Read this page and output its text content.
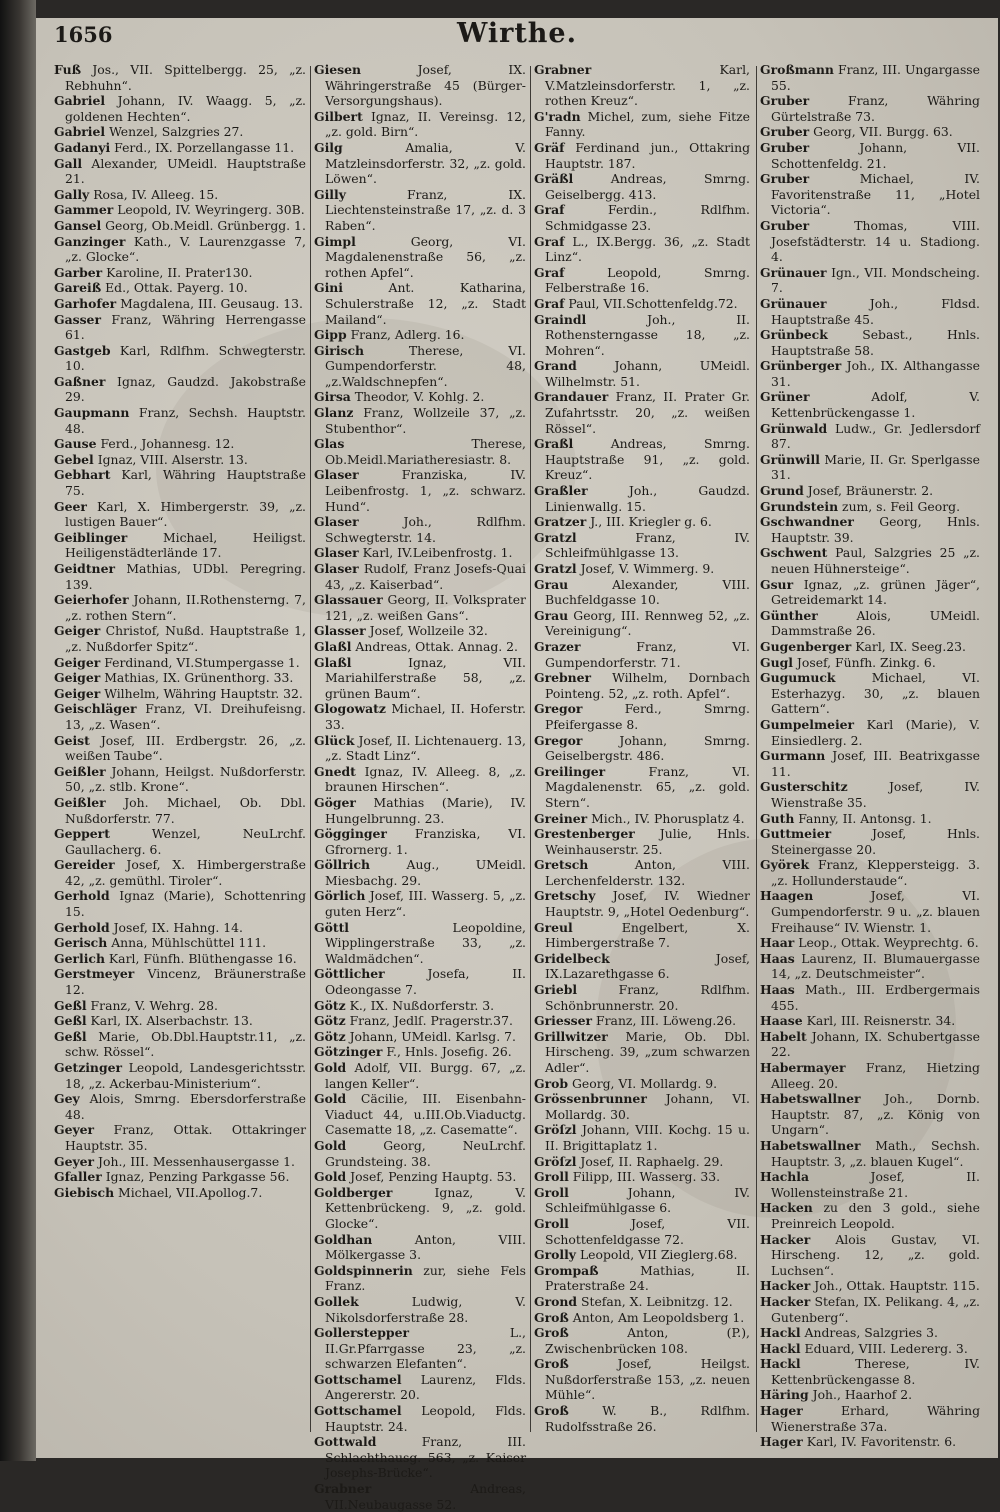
1656	Wirthe.
Fuß Jos., VII. Spittelbergg. 25, „z. Rebhuhn“.
Gabriel Johann, IV. Waagg. 5, „z. goldenen Hechten“.
Gabriel Wenzel, Salzgries 27.
Gadanyi Ferd., IX. Porzellangasse 11.
Gall Alexander, UMeidl. Hauptstraße 21.
Gally Rosa, IV. Alleeg. 15.
Gammer Leopold, IV. Weyringerg. 30B.
Gansel Georg, Ob.Meidl. Grünbergg. 1.
Ganzinger Kath., V. Laurenzgasse 7, „z. Glocke“.
Garber Karoline, II. Prater130.
Gareiß Ed., Ottak. Payerg. 10.
Garhofer Magdalena, III. Geusaug. 13.
Gasser Franz, Währing Herrengasse 61.
Gastgeb Karl, Rdlfhm. Schwegterstr. 10.
Gaßner Ignaz, Gaudzd. Jakobstraße 29.
Gaupmann Franz, Sechsh. Hauptstr. 48.
Gause Ferd., Johannesg. 12.
Gebel Ignaz, VIII. Alserstr. 13.
Gebhart Karl, Währing Hauptstraße 75.
Geer Karl, X. Himbergerstr. 39, „z. lustigen Bauer“.
Geiblinger	Michael, Heiligst. Heiligenstädterlände 17.
Geidtner Mathias, UDbl. Peregring. 139.
Geierhofer Johann, II.Rothensterng. 7, „z. rothen Stern“.
Geiger Christof, Nußd. Hauptstraße 1, „z. Nußdorfer Spitz“.
Geiger Ferdinand, VI.Stumpergasse 1.
Geiger Mathias, IX. Grünenthorg. 33.
Geiger Wilhelm, Währing Hauptstr. 32.
Geischläger Franz, VI. Dreihufeisng. 13, „z. Wasen“.
Geist Josef, III. Erdbergstr. 26, „z. weißen Taube“.
Geißler Johann, Heilgst. Nußdorferstr. 50, „z. stlb. Krone“.
Geißler Joh. Michael, Ob. Dbl. Nußdorferstr. 77.
Geppert	Wenzel, NeuLrchf. Gaullacherg. 6.
Gereider Josef, X. Himbergerstraße 42, „z. gemüthl. Tiroler“.
Gerhold Ignaz (Marie), Schottenring 15.
Gerhold Josef, IX. Hahng. 14.
Gerisch Anna, Mühlschüttel 111.
Gerlich Karl, Fünfh. Blüthengasse 16.
Gerstmeyer Vincenz, Bräunerstraße 12.
Geßl Franz, V. Wehrg. 28.
Geßl Karl, IX. Alserbachstr. 13.
Geßl Marie, Ob.Dbl.Hauptstr.11, „z. schw. Rössel“.
Getzinger Leopold, Landesgerichtsstr. 18, „z. Ackerbau-Ministerium“.
Gey Alois, Smrng. Ebersdorferstraße 48.
Geyer Franz, Ottak. Ottakringer Hauptstr. 35.
Geyer Joh., III. Messenhausergasse 1.
Gfaller Ignaz, Penzing Parkgasse 56.
Giebisch Michael, VII.Apollog.7.
Giesen	Josef, IX. Währingerstraße 45 (Bürger-Versorgungshaus).
Gilbert Ignaz, II. Vereinsg. 12, „z. gold. Birn“.
Gilg	Amalia, V. Matzleinsdorferstr. 32, „z. gold. Löwen“.
Gilly	Franz, IX. Liechtensteinstraße 17, „z. d. 3 Raben“.
Gimpl	Georg, VI. Magdalenenstraße 56, „z. rothen Apfel“.
Gini	Ant. Katharina, Schulerstraße 12, „z. Stadt Mailand“.
Gipp Franz, Adlerg. 16.
Girisch	Therese, VI. Gumpendorferstr. 48, „z.Waldschnepfen“.
Girsa Theodor, V. Kohlg. 2.
Glanz Franz, Wollzeile 37, „z. Stubenthor“.
Glas	Therese, Ob.Meidl.Mariatheresiastr. 8.
Glaser	Franziska, IV. Leibenfrostg. 1, „z. schwarz. Hund“.
Glaser	Joh., Rdlfhm. Schwegterstr. 14.
Glaser Karl, IV.Leibenfrostg. 1.
Glaser Rudolf, Franz Josefs-Quai 43, „z. Kaiserbad“.
Glassauer Georg, II. Volksprater 121, „z. weißen Gans“.
Glasser Josef, Wollzeile 32.
Glaßl Andreas, Ottak. Annag. 2.
Glaßl	Ignaz, VII. Mariahilferstraße 58, „z. grünen Baum“.
Glogowatz Michael, II. Hoferstr. 33.
Glück Josef, II. Lichtenauerg. 13, „z. Stadt Linz“.
Gnedt Ignaz, IV. Alleeg. 8, „z. braunen Hirschen“.
Göger Mathias (Marie), IV. Hungelbrunng. 23.
Gögginger Franziska, VI. Gfrornerg. 1.
Göllrich	Aug., UMeidl. Miesbachg. 29.
Görlich Josef, III. Wasserg. 5, „z. guten Herz“.
Göttl	Leopoldine, Wipplingerstraße 33, „z. Waldmädchen“.
Göttlicher	Josefa, II. Odeongasse 7.
Götz K., IX. Nußdorferstr. 3.
Götz Franz, Jedlſ. Pragerstr.37.
Götz Johann, UMeidl. Karlsg. 7.
Götzinger F., Hnls. Josefig. 26.
Gold Adolf, VII. Burgg. 67, „z. langen Keller“.
Gold Cäcilie, III. Eisenbahn-Viaduct 44, u.III.Ob.Viaductg. Casematte 18, „z. Casematte“.
Gold	Georg, NeuLrchf. Grundsteing. 38.
Gold Josef, Penzing Hauptg. 53.
Goldberger	Ignaz, V. Kettenbrückeng. 9, „z. gold. Glocke“.
Goldhan	Anton, VIII. Mölkergasse 3.
Goldspinnerin zur, siehe Fels Franz.
Gollek	Ludwig, V. Nikolsdorferstraße 28.
Gollerstepper	L., II.Gr.Pfarrgasse 23, „z. schwarzen Elefanten“.
Gottschamel Laurenz, Flds. Angererstr. 20.
Gottschamel Leopold, Flds. Hauptstr. 24.
Gottwald	Franz, III. Schlachthausg. 563, „z. Kaiser Josephs-Brücke“.
Grabner	Andreas, VII.Neubaugasse 52.
Grabner	Karl, V.Matzleinsdorferstr. 1, „z. rothen Kreuz“.
G'radn Michel, zum, siehe Fitze Fanny.
Gräf Ferdinand jun., Ottakring Hauptstr. 187.
Gräßl	Andreas, Smrng. Geiselbergg. 413.
Graf	Ferdin., Rdlfhm. Schmidgasse 23.
Graf L., IX.Bergg. 36, „z. Stadt Linz“.
Graf	Leopold, Smrng. Felberstraße 16.
Graf Paul, VII.Schottenfeldg.72.
Graindl	Joh., II. Rothensterngasse 18, „z. Mohren“.
Grand	Johann, UMeidl. Wilhelmstr. 51.
Grandauer Franz, II. Prater Gr. Zufahrtsstr. 20, „z. weißen Rössel“.
Graßl	Andreas, Smrng. Hauptstraße 91, „z. gold. Kreuz“.
Graßler	Joh., Gaudzd. Linienwallg. 15.
Gratzer J., III. Kriegler g. 6.
Gratzl	Franz, IV. Schleifmühlgasse 13.
Gratzl Josef, V. Wimmerg. 9.
Grau	Alexander, VIII. Buchfeldgasse 10.
Grau Georg, III. Rennweg 52, „z. Vereinigung“.
Grazer	Franz, VI. Gumpendorferstr. 71.
Grebner Wilhelm, Dornbach Pointeng. 52, „z. roth. Apfel“.
Gregor	Ferd., Smrng. Pfeifergasse 8.
Gregor	Johann, Smrng. Geiselbergstr. 486.
Greilinger	Franz, VI. Magdalenenstr. 65, „z. gold. Stern“.
Greiner Mich., IV. Phorusplatz 4.
Grestenberger Julie, Hnls. Weinhauserstr. 25.
Gretsch	Anton, VIII. Lerchenfelderstr. 132.
Gretschy Josef, IV. Wiedner Hauptstr. 9, „Hotel Oedenburg“.
Greul	Engelbert, X. Himbergerstraße 7.
Gridelbeck	Josef, IX.Lazarethgasse 6.
Griebl	Franz, Rdlfhm. Schönbrunnerstr. 20.
Griesser Franz, III. Löweng.26.
Grillwitzer Marie, Ob. Dbl. Hirscheng. 39, „zum schwarzen Adler“.
Grob Georg, VI. Mollardg. 9.
Grössenbrunner Johann, VI. Mollardg. 30.
Gröſzl Johann, VIII. Kochg. 15 u. II. Brigittaplatz 1.
Gröſzl Josef, II. Raphaelg. 29.
Groll Filipp, III. Wasserg. 33.
Groll	Johann, IV. Schleifmühlgasse 6.
Groll	Josef, VII. Schottenfeldgasse 72.
Grolly Leopold, VII Zieglerg.68.
Grompaß	Mathias, II. Praterstraße 24.
Grond Stefan, X. Leibnitzg. 12.
Groß Anton, Am Leopoldsberg 1.
Groß	Anton, (P.), Zwischenbrücken 108.
Groß	Josef, Heilgst. Nußdorferstraße 153, „z. neuen Mühle“.
Groß	W. B., Rdlfhm. Rudolfsstraße 26.
Großmann Franz, III. Ungargasse 55.
Gruber	Franz, Währing Gürtelstraße 73.
Gruber Georg, VII. Burgg. 63.
Gruber	Johann, VII. Schottenfeldg. 21.
Gruber	Michael, IV. Favoritenstraße 11, „Hotel Victoria“.
Gruber	Thomas, VIII. Josefstädterstr. 14 u. Stadiong. 4.
Grünauer Ign., VII. Mondscheing. 7.
Grünauer	Joh., Fldsd. Hauptstraße 45.
Grünbeck	Sebast., Hnls. Hauptstraße 58.
Grünberger Joh., IX. Althangasse 31.
Grüner	Adolf, V. Kettenbrückengasse 1.
Grünwald Ludw., Gr. Jedlersdorf 87.
Grünwill Marie, II. Gr. Sperlgasse 31.
Grund Josef, Bräunerstr. 2.
Grundstein zum, s. Feil Georg.
Gschwandner Georg, Hnls. Hauptstr. 39.
Gschwent Paul, Salzgries 25 „z. neuen Hühnersteige“.
Gsur Ignaz, „z. grünen Jäger“, Getreidemarkt 14.
Günther	Alois, UMeidl. Dammstraße 26.
Gugenberger Karl, IX. Seeg.23.
Gugl Josef, Fünfh. Zinkg. 6.
Gugumuck	Michael, VI. Esterhazyg. 30, „z. blauen Gattern“.
Gumpelmeier Karl (Marie), V. Einsiedlerg. 2.
Gurmann Josef, III. Beatrixgasse 11.
Gusterschitz	Josef, IV. Wienstraße 35.
Guth Fanny, II. Antonsg. 1.
Guttmeier	Josef, Hnls. Steinergasse 20.
Györek Franz, Kleppersteigg. 3. „z. Hollunderstaude“.
Haagen	Josef, VI. Gumpendorferstr. 9 u. „z. blauen Freihause“ IV. Wienstr. 1.
Haar Leop., Ottak. Weyprechtg. 6.
Haas Laurenz, II. Blumauergasse 14, „z. Deutschmeister“.
Haas Math., III. Erdbergermais 455.
Haase Karl, III. Reisnerstr. 34.
Habelt Johann, IX. Schubertgasse 22.
Habermayer Franz, Hietzing Alleeg. 20.
Habetswallner Joh., Dornb. Hauptstr. 87, „z. König von Ungarn“.
Habetswallner Math., Sechsh. Hauptstr. 3, „z. blauen Kugel“.
Hachla	Josef, II. Wollensteinstraße 21.
Hacken zu den 3 gold., siehe Preinreich Leopold.
Hacker Alois Gustav, VI. Hirscheng. 12, „z. gold. Luchsen“.
Hacker Joh., Ottak. Hauptstr. 115.
Hacker Stefan, IX. Pelikang. 4, „z. Gutenberg“.
Hackl Andreas, Salzgries 3.
Hackl Eduard, VIII. Ledererg. 3.
Hackl	Therese, IV. Kettenbrückengasse 8.
Häring Joh., Haarhof 2.
Hager	Erhard, Währing Wienerstraße 37a.
Hager Karl, IV. Favoritenstr. 6.
